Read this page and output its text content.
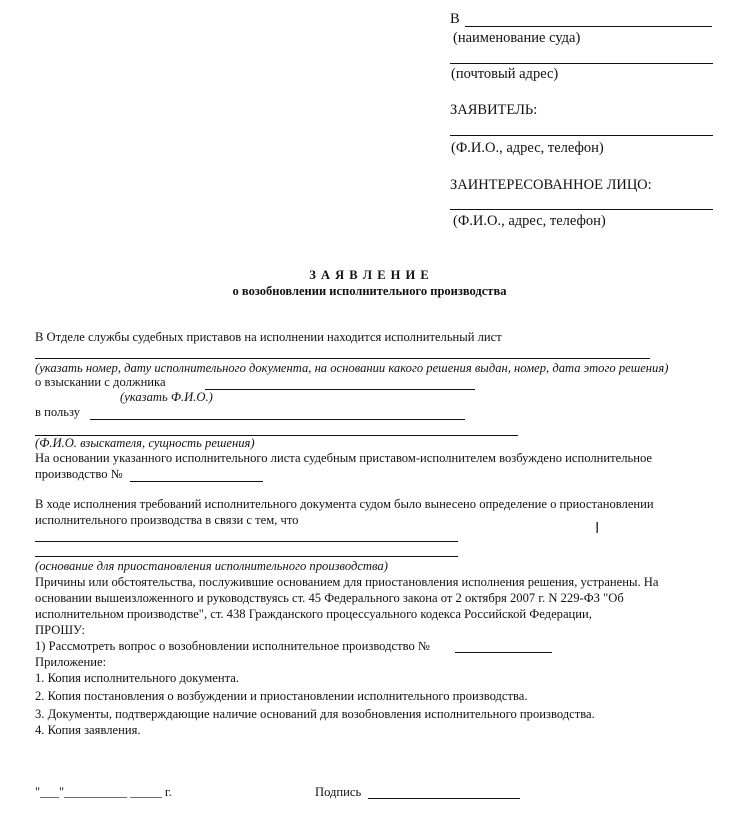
В
(наименование суда)
(почтовый адрес)
ЗАЯВИТЕЛЬ:
(Ф.И.О., адрес, телефон)
ЗАИНТЕРЕСОВАННОЕ ЛИЦО:
(Ф.И.О., адрес, телефон)
З А Я В Л Е Н И Е
о возобновлении исполнительного производства
В Отделе службы судебных приставов на исполнении находится исполнительный лист
(указать номер, дату исполнительного документа, на основании какого решения выдан, номер, дата этого решения)
о взыскании с должника
(указать Ф.И.О.)
в пользу
(Ф.И.О. взыскателя, сущность решения)
На основании указанного исполнительного листа судебным приставом-исполнителем возбуждено исполнительное
производство №
В ходе исполнения требований исполнительного документа судом было вынесено определение о приостановлении
исполнительного производства в связи с тем, что	I
(основание для приостановления исполнительного производства)
Причины или обстоятельства, послужившие основанием для приостановления исполнения решения, устранены. На
основании вышеизложенного и руководствуясь ст. 45 Федерального закона от 2 октября 2007 г. N 229-ФЗ "Об
исполнительном производстве", ст. 438 Гражданского процессуального кодекса Российской Федерации,
ПРОШУ:
1) Рассмотреть вопрос о возобновлении исполнительное производство №
Приложение:
1. Копия исполнительного документа.
2. Копия постановления о возбуждении и приостановлении исполнительного производства.
3. Документы, подтверждающие наличие оснований для возобновления исполнительного производства.
4. Копия заявления.
"___"__________ _____ г.	Подпись
